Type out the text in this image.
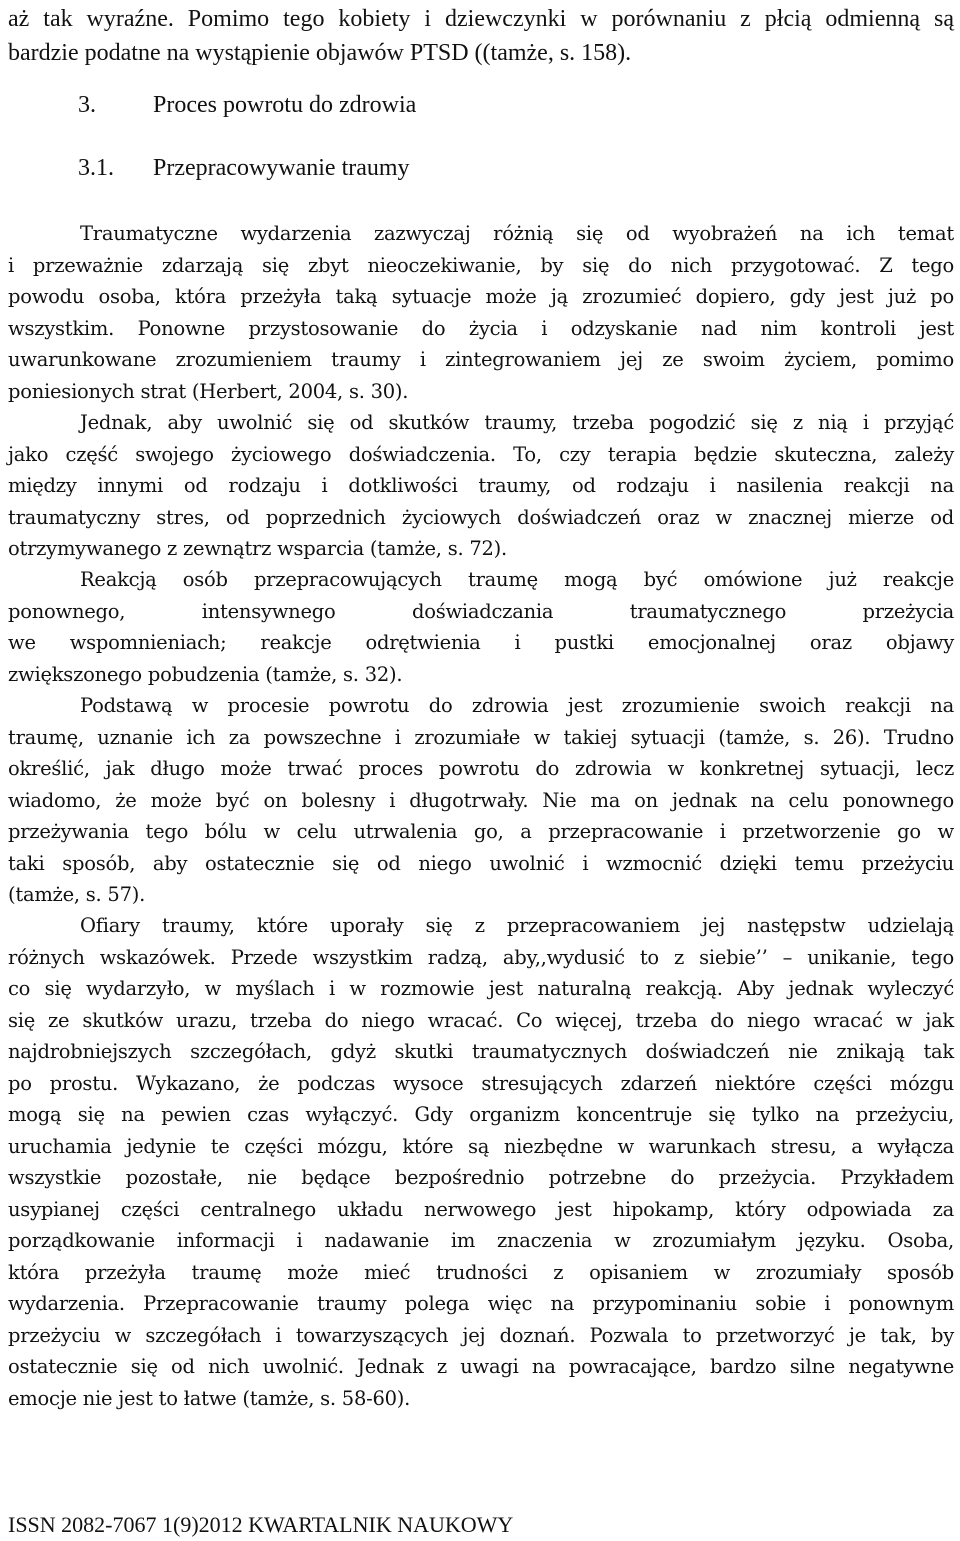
aż tak wyraźne. Pomimo tego kobiety i dziewczynki w porównaniu z płcią odmienną są
bardzie podatne na wystąpienie objawów PTSD ((tamże, s. 158).
3. Proces powrotu do zdrowia
3.1. Przepracowywanie traumy
Traumatyczne wydarzenia zazwyczaj różnią się od wyobrażeń na ich temat
i przeważnie zdarzają się zbyt nieoczekiwanie, by się do nich przygotować. Z tego
powodu osoba, która przeżyła taką sytuacje może ją zrozumieć dopiero, gdy jest już po
wszystkim. Ponowne przystosowanie do życia i odzyskanie nad nim kontroli jest
uwarunkowane zrozumieniem traumy i zintegrowaniem jej ze swoim życiem, pomimo
poniesionych strat (Herbert, 2004, s. 30).
Jednak, aby uwolnić się od skutków traumy, trzeba pogodzić się z nią i przyjąć
jako część swojego życiowego doświadczenia. To, czy terapia będzie skuteczna, zależy
między innymi od rodzaju i dotkliwości traumy, od rodzaju i nasilenia reakcji na
traumatyczny stres, od poprzednich życiowych doświadczeń oraz w znacznej mierze od
otrzymywanego z zewnątrz wsparcia (tamże, s. 72).
Reakcją osób przepracowujących traumę mogą być omówione już reakcje
ponownego, intensywnego doświadczania traumatycznego przeżycia
we wspomnieniach; reakcje odrętwienia i pustki emocjonalnej oraz objawy
zwiększonego pobudzenia (tamże, s. 32).
Podstawą w procesie powrotu do zdrowia jest zrozumienie swoich reakcji na
traumę, uznanie ich za powszechne i zrozumiałe w takiej sytuacji (tamże, s. 26). Trudno
określić, jak długo może trwać proces powrotu do zdrowia w konkretnej sytuacji, lecz
wiadomo, że może być on bolesny i długotrwały. Nie ma on jednak na celu ponownego
przeżywania tego bólu w celu utrwalenia go, a przepracowanie i przetworzenie go w
taki sposób, aby ostatecznie się od niego uwolnić i wzmocnić dzięki temu przeżyciu
(tamże, s. 57).
Ofiary traumy, które uporały się z przepracowaniem jej następstw udzielają
różnych wskazówek. Przede wszystkim radzą, aby,,wydusić to z siebie’’ – unikanie, tego
co się wydarzyło, w myślach i w rozmowie jest naturalną reakcją. Aby jednak wyleczyć
się ze skutków urazu, trzeba do niego wracać. Co więcej, trzeba do niego wracać w jak
najdrobniejszych szczegółach, gdyż skutki traumatycznych doświadczeń nie znikają tak
po prostu. Wykazano, że podczas wysoce stresujących zdarzeń niektóre części mózgu
mogą się na pewien czas wyłączyć. Gdy organizm koncentruje się tylko na przeżyciu,
uruchamia jedynie te części mózgu, które są niezbędne w warunkach stresu, a wyłącza
wszystkie pozostałe, nie będące bezpośrednio potrzebne do przeżycia. Przykładem
usypianej części centralnego układu nerwowego jest hipokamp, który odpowiada za
porządkowanie informacji i nadawanie im znaczenia w zrozumiałym języku. Osoba,
która przeżyła traumę może mieć trudności z opisaniem w zrozumiały sposób
wydarzenia. Przepracowanie traumy polega więc na przypominaniu sobie i ponownym
przeżyciu w szczegółach i towarzyszących jej doznań. Pozwala to przetworzyć je tak, by
ostatecznie się od nich uwolnić. Jednak z uwagi na powracające, bardzo silne negatywne
emocje nie jest to łatwe (tamże, s. 58-60).
ISSN 2082-7067 1(9)2012 KWARTALNIK NAUKOWY
